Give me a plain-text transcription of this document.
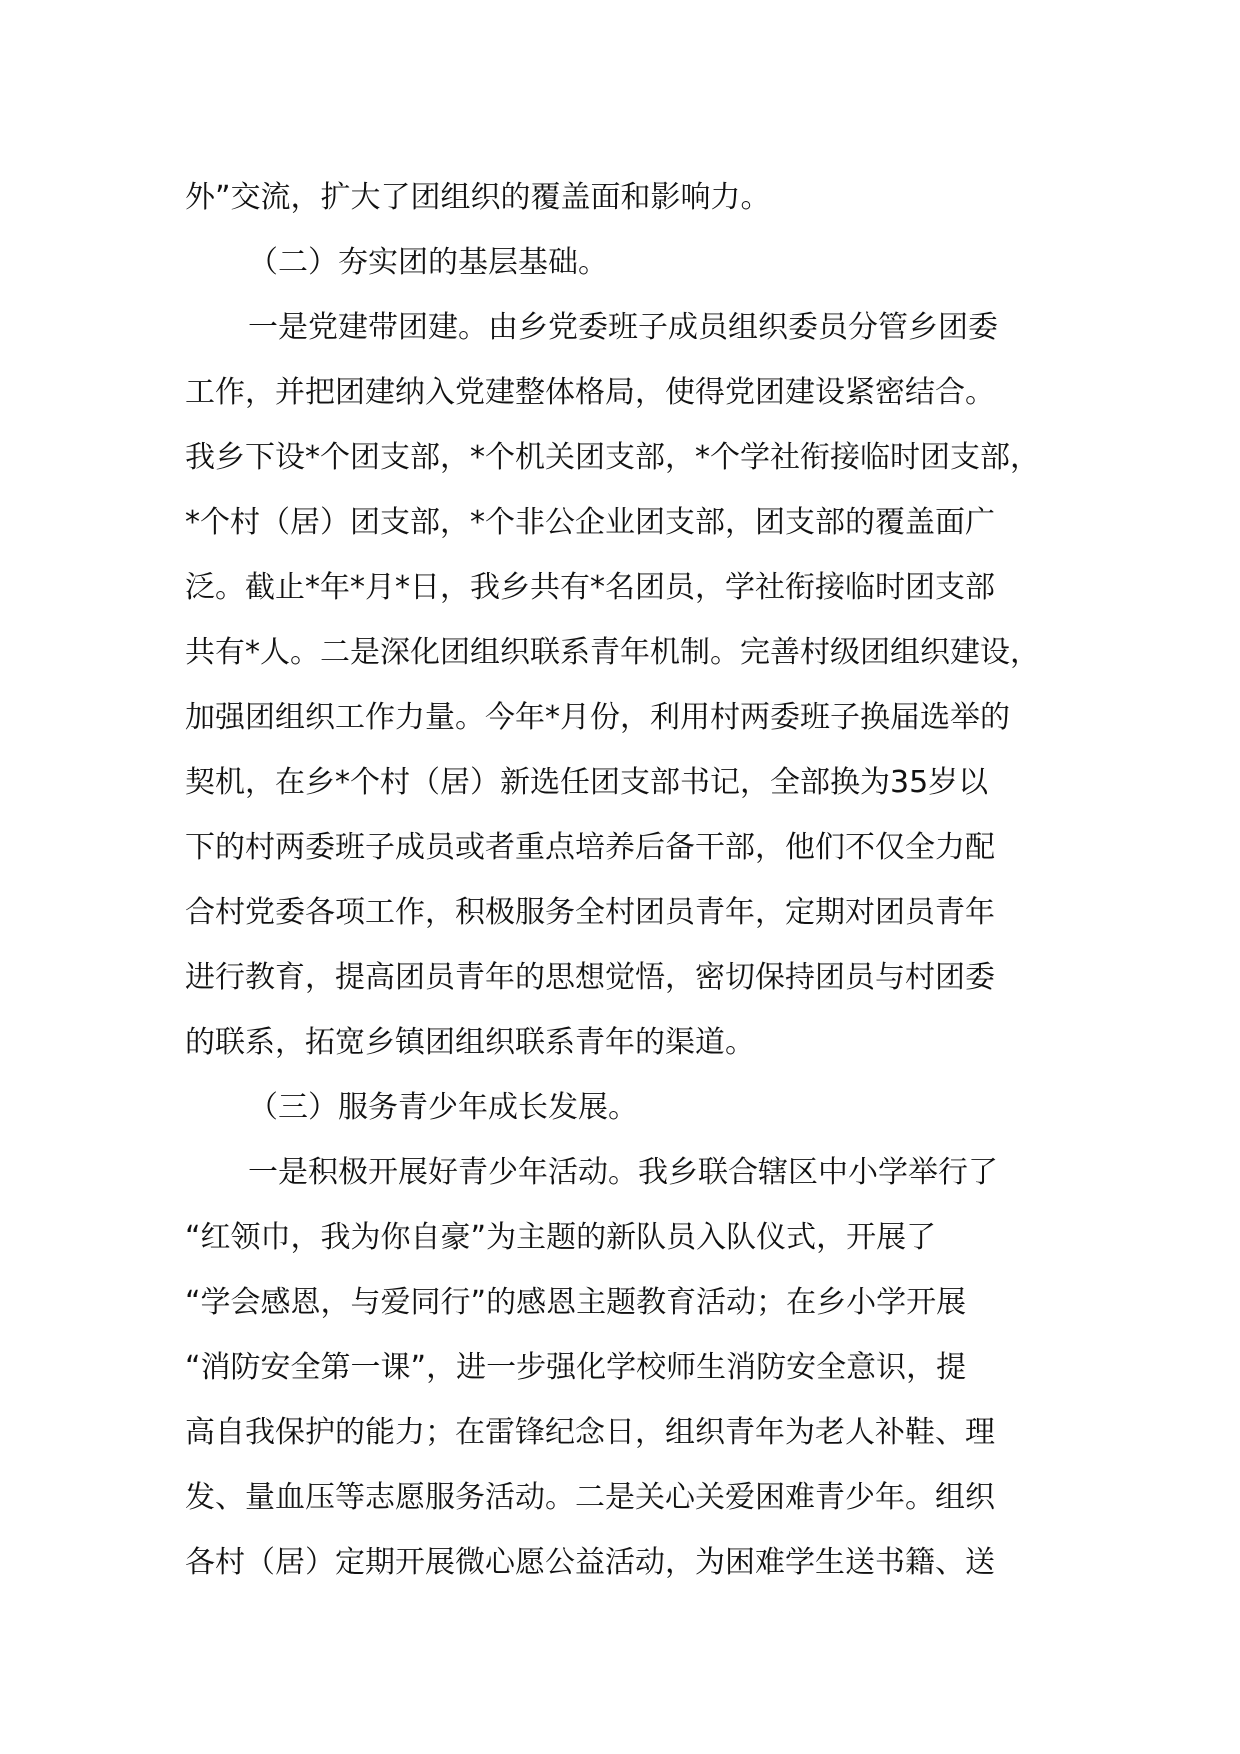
外”交流，扩大了团组织的覆盖面和影响力。
（二）夯实团的基层基础。
一是党建带团建。由乡党委班子成员组织委员分管乡团委
工作，并把团建纳入党建整体格局，使得党团建设紧密结合。
我乡下设*个团支部，*个机关团支部，*个学社衔接临时团支部，
*个村（居）团支部，*个非公企业团支部，团支部的覆盖面广
泛。截止*年*月*日，我乡共有*名团员，学社衔接临时团支部
共有*人。二是深化团组织联系青年机制。完善村级团组织建设，
加强团组织工作力量。今年*月份，利用村两委班子换届选举的
契机，在乡*个村（居）新选任团支部书记，全部换为35岁以
下的村两委班子成员或者重点培养后备干部，他们不仅全力配
合村党委各项工作，积极服务全村团员青年，定期对团员青年
进行教育，提高团员青年的思想觉悟，密切保持团员与村团委
的联系，拓宽乡镇团组织联系青年的渠道。
（三）服务青少年成长发展。
一是积极开展好青少年活动。我乡联合辖区中小学举行了
“红领巾，我为你自豪”为主题的新队员入队仪式，开展了
“学会感恩，与爱同行”的感恩主题教育活动；在乡小学开展
“消防安全第一课”，进一步强化学校师生消防安全意识，提
高自我保护的能力；在雷锋纪念日，组织青年为老人补鞋、理
发、量血压等志愿服务活动。二是关心关爱困难青少年。组织
各村（居）定期开展微心愿公益活动，为困难学生送书籍、送
